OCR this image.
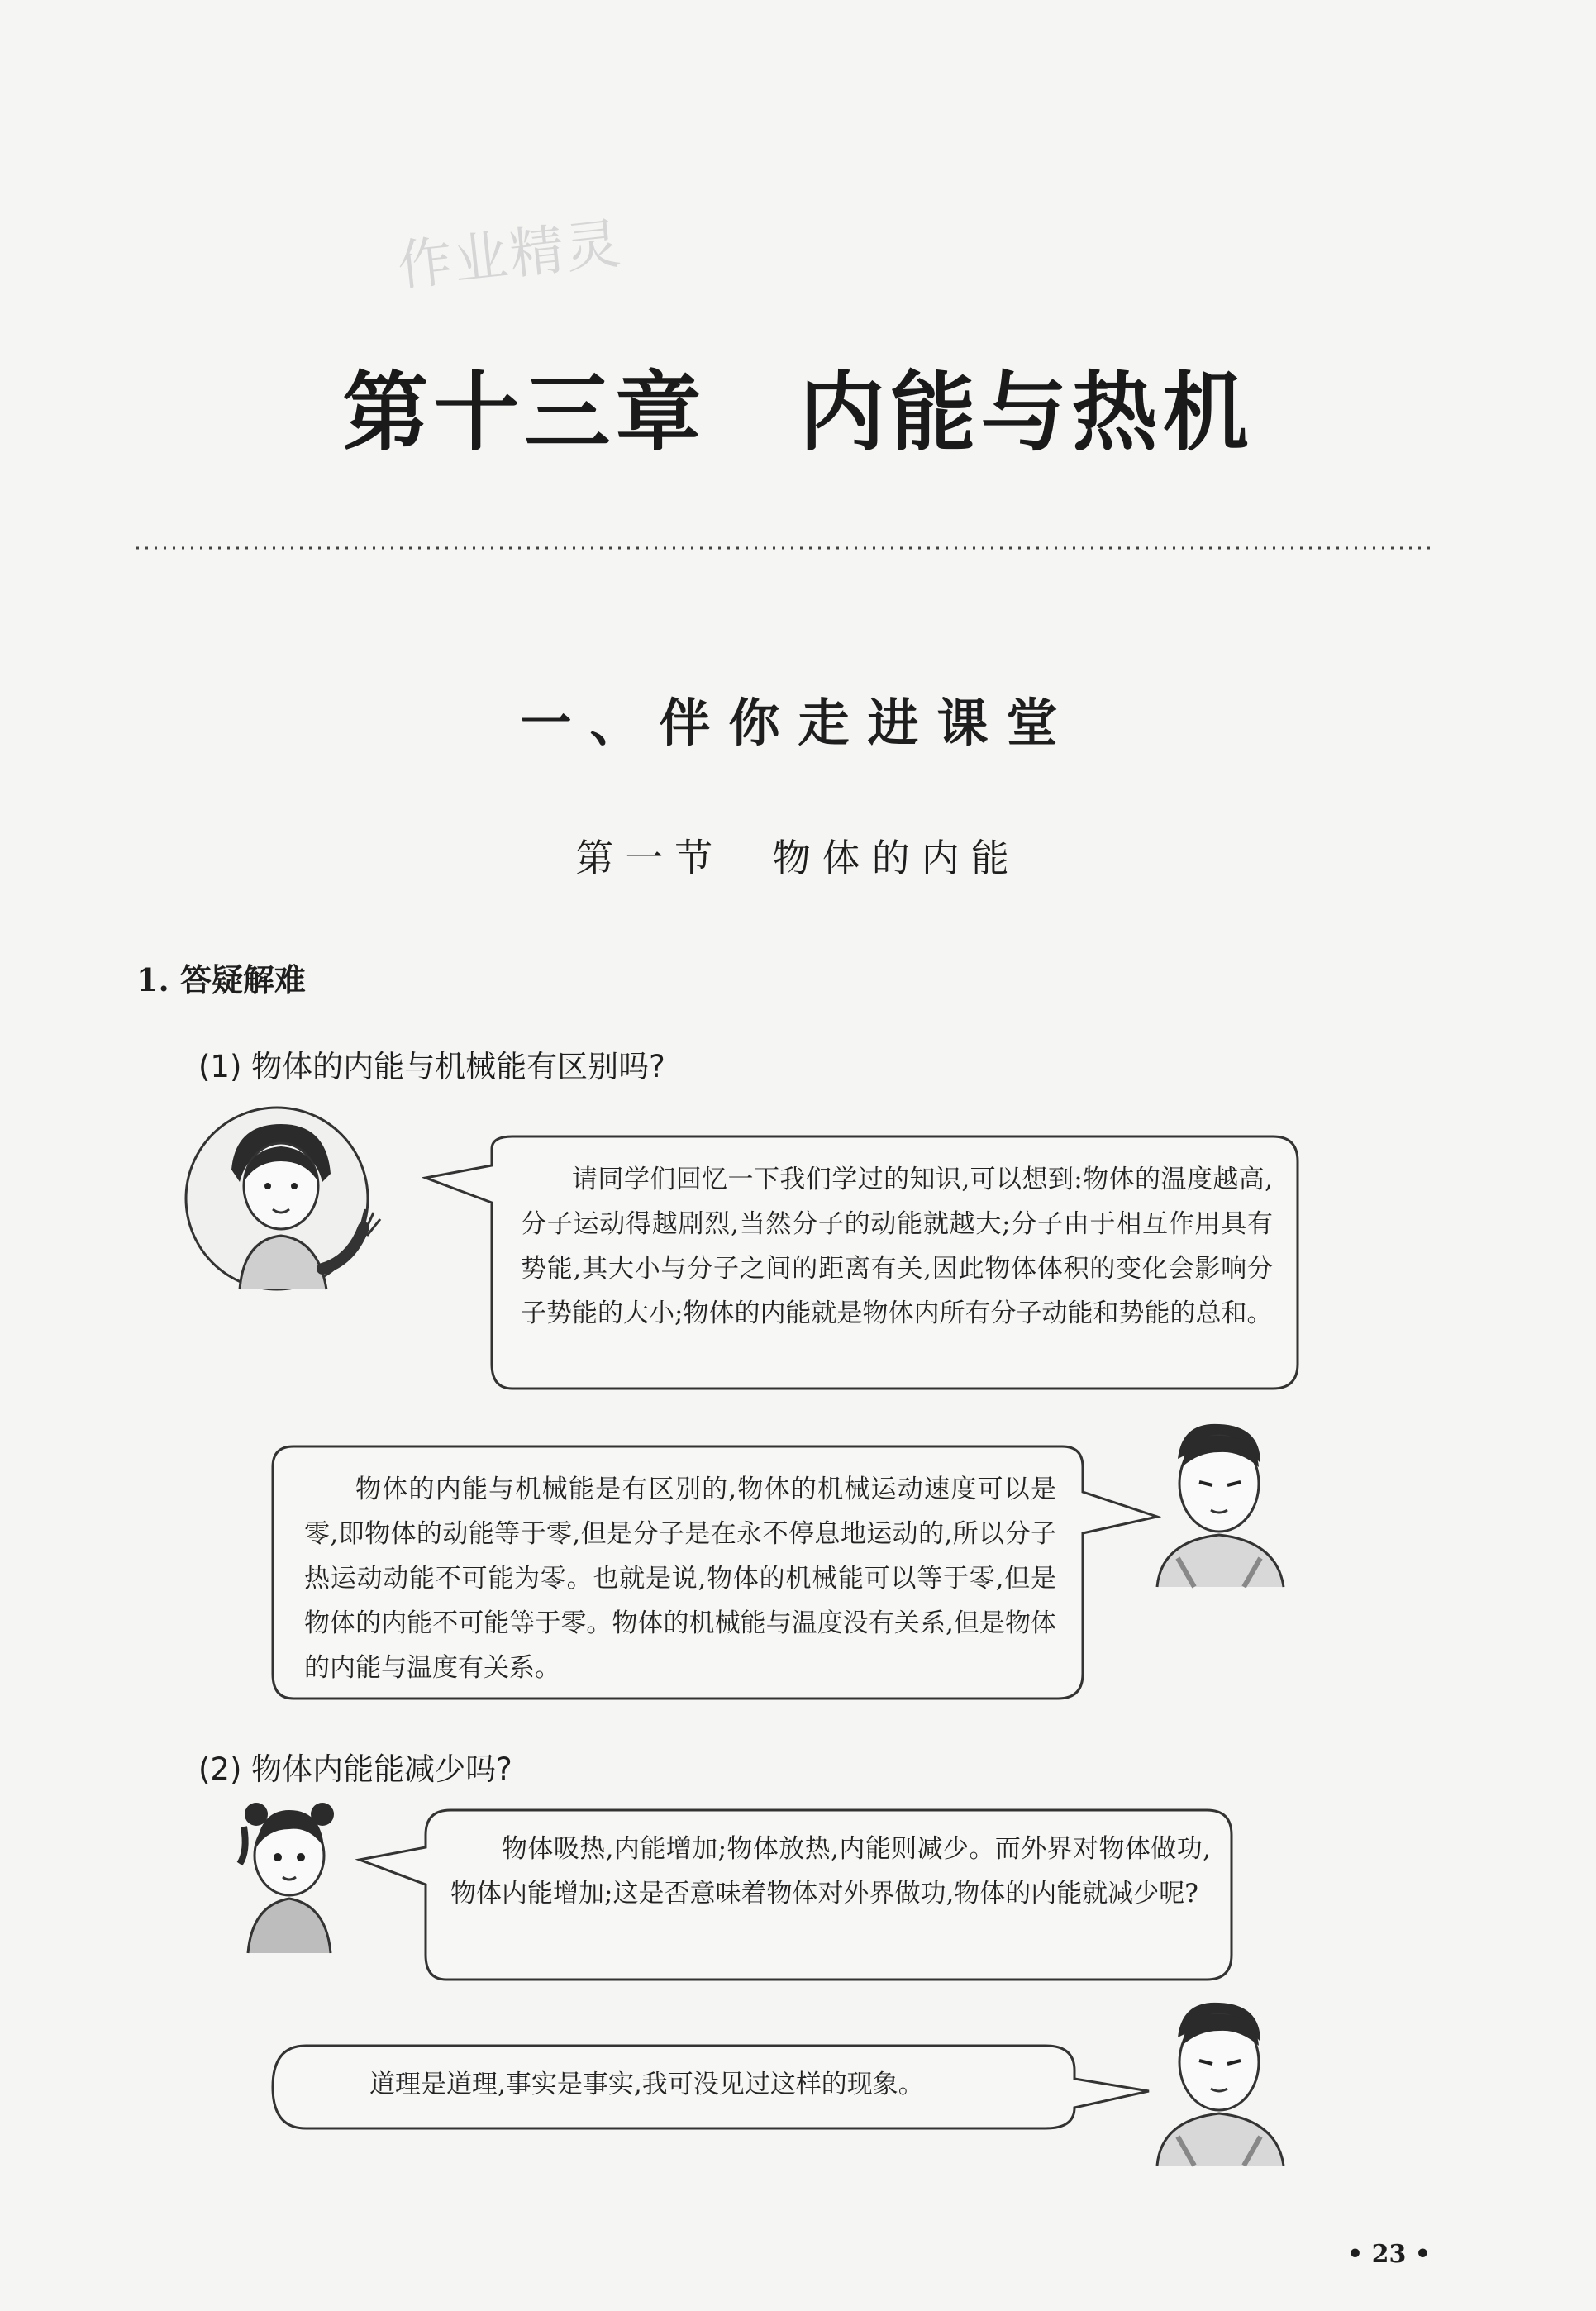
作业精灵
第十三章 内能与热机
一、伴你走进课堂
第一节 物体的内能
1. 答疑解难
(1) 物体的内能与机械能有区别吗?
请同学们回忆一下我们学过的知识,可以想到:物体的温度越高,分子运动得越剧烈,当然分子的动能就越大;分子由于相互作用具有势能,其大小与分子之间的距离有关,因此物体体积的变化会影响分子势能的大小;物体的内能就是物体内所有分子动能和势能的总和。
物体的内能与机械能是有区别的,物体的机械运动速度可以是零,即物体的动能等于零,但是分子是在永不停息地运动的,所以分子热运动动能不可能为零。也就是说,物体的机械能可以等于零,但是物体的内能不可能等于零。物体的机械能与温度没有关系,但是物体的内能与温度有关系。
(2) 物体内能能减少吗?
物体吸热,内能增加;物体放热,内能则减少。而外界对物体做功,物体内能增加;这是否意味着物体对外界做功,物体的内能就减少呢?
道理是道理,事实是事实,我可没见过这样的现象。
• 23 •
